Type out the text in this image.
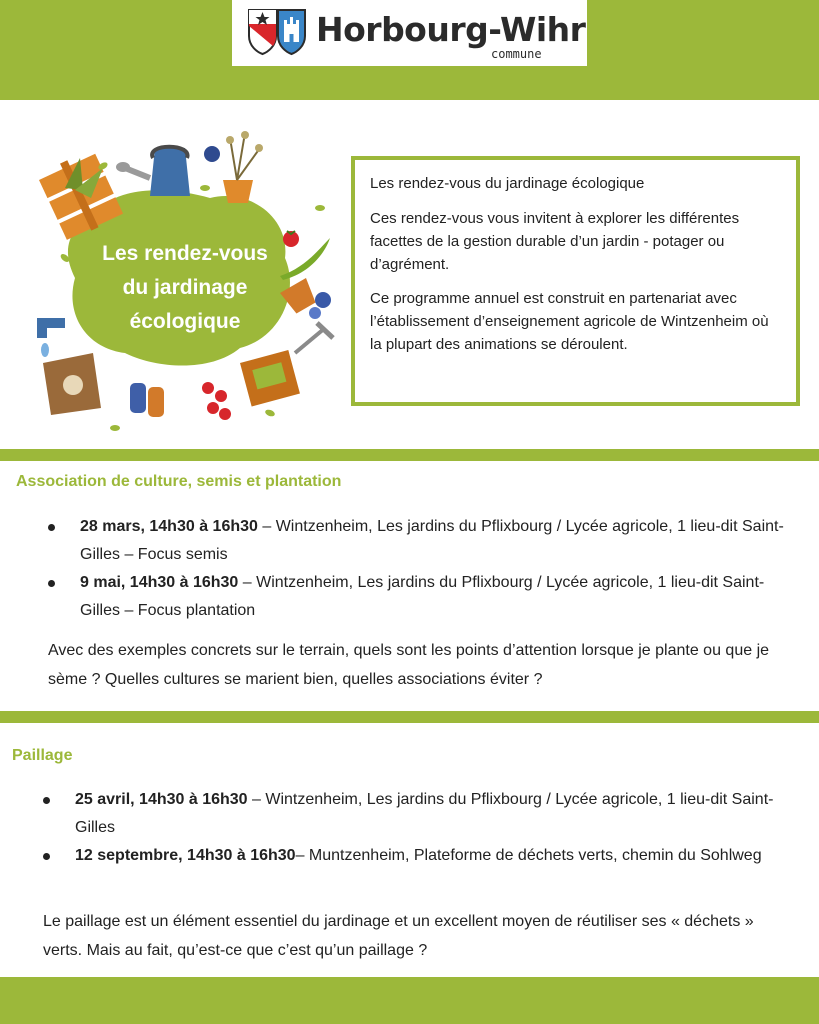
Horbourg-Wihr
commune
Les rendez-vous
du jardinage
écologique

Les rendez-vous du jardinage écologique

Ces rendez-vous vous invitent à explorer les différentes facettes de la gestion durable d’un jardin - potager ou d’agrément.

Ce programme annuel est construit en partenariat avec l’établissement d’enseignement agricole de Wintzenheim où la plupart des animations se déroulent.

Association de culture, semis et plantation
28 mars, 14h30 à 16h30 – Wintzenheim, Les jardins du Pflixbourg / Lycée agricole, 1 lieu-dit Saint-Gilles – Focus semis
9 mai, 14h30 à 16h30 – Wintzenheim, Les jardins du Pflixbourg / Lycée agricole, 1 lieu-dit Saint-Gilles – Focus plantation

Avec des exemples concrets sur le terrain, quels sont les points d’attention lorsque je plante ou que je sème ? Quelles cultures se marient bien, quelles associations éviter ?

Paillage
25 avril, 14h30 à 16h30 – Wintzenheim, Les jardins du Pflixbourg / Lycée agricole, 1 lieu-dit Saint-Gilles
12 septembre, 14h30 à 16h30– Muntzenheim, Plateforme de déchets verts, chemin du Sohlweg

Le paillage est un élément essentiel du jardinage et un excellent moyen de réutiliser ses « déchets » verts. Mais au fait, qu’est-ce que c’est qu’un paillage ?
